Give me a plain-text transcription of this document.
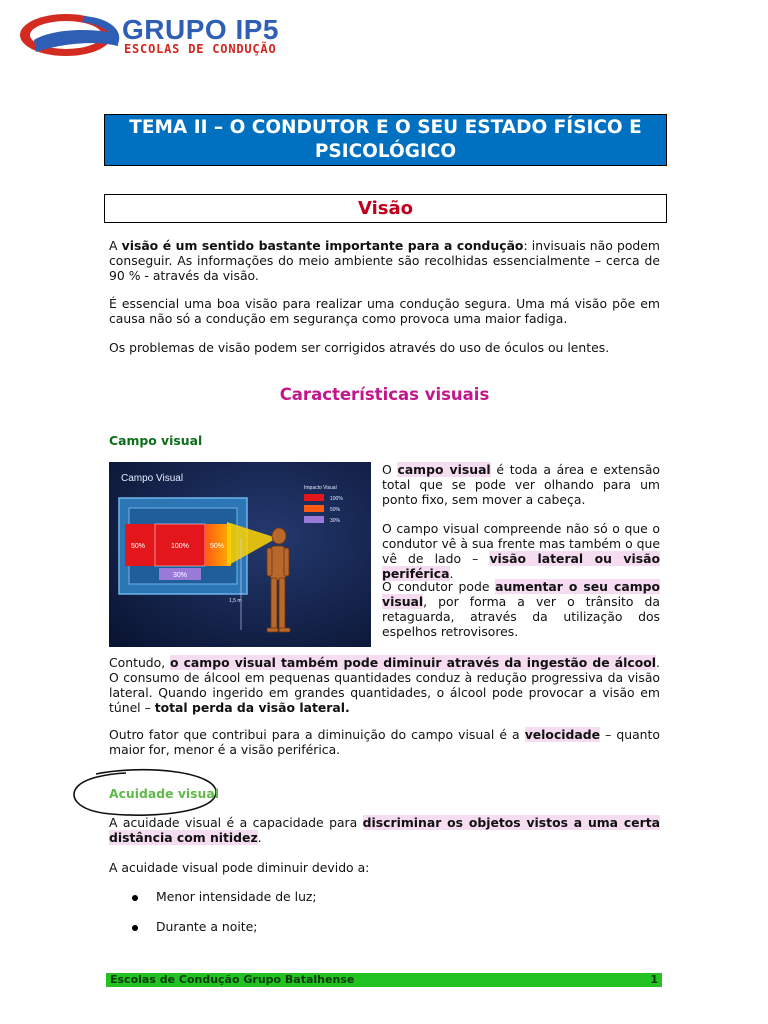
GRUPO IP5
ESCOLAS DE CONDUÇÃO
TEMA II – O CONDUTOR E O SEU ESTADO FÍSICO E
PSICOLÓGICO
Visão
A visão é um sentido bastante importante para a condução: invisuais não podem conseguir. As informações do meio ambiente são recolhidas essencialmente – cerca de 90 % - através da visão.
É essencial uma boa visão para realizar uma condução segura. Uma má visão põe em causa não só a condução em segurança como provoca uma maior fadiga.
Os problemas de visão podem ser corrigidos através do uso de óculos ou lentes.
Características visuais
Campo visual
Campo Visual
Impacto Visual
100%
50%
30%
50%	100%	50%
30%
1,5 m
O campo visual é toda a área e extensão total que se pode ver olhando para um ponto fixo, sem mover a cabeça.
O campo visual compreende não só o que o condutor vê à sua frente mas também o que vê de lado – visão lateral ou visão periférica.
O condutor pode aumentar o seu campo visual, por forma a ver o trânsito da retaguarda, através da utilização dos espelhos retrovisores.
Contudo, o campo visual também pode diminuir através da ingestão de álcool. O consumo de álcool em pequenas quantidades conduz à redução progressiva da visão lateral. Quando ingerido em grandes quantidades, o álcool pode provocar a visão em túnel – total perda da visão lateral.
Outro fator que contribui para a diminuição do campo visual é a velocidade – quanto maior for, menor é a visão periférica.
Acuidade visual
A acuidade visual é a capacidade para discriminar os objetos vistos a uma certa distância com nitidez.
A acuidade visual pode diminuir devido a:
Menor intensidade de luz;
Durante a noite;
Escolas de Condução Grupo Batalhense	1
